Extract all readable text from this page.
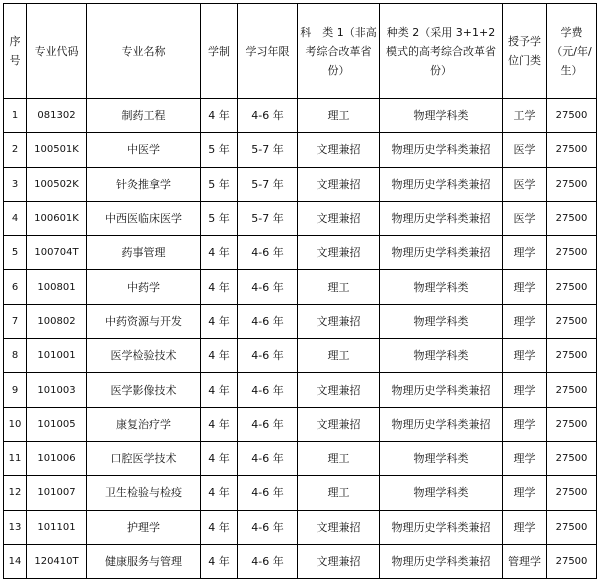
序号	专业代码	专业名称	学制	学习年限	科　类 1（非高考综合改革省份）	种类 2（采用 3+1+2 模式的高考综合改革省份）	授予学位门类	学费（元/年/生）
1	081302	制药工程	4 年	4-6 年	理工	物理学科类	工学	27500
2	100501K	中医学	5 年	5-7 年	文理兼招	物理历史学科类兼招	医学	27500
3	100502K	针灸推拿学	5 年	5-7 年	文理兼招	物理历史学科类兼招	医学	27500
4	100601K	中西医临床医学	5 年	5-7 年	文理兼招	物理历史学科类兼招	医学	27500
5	100704T	药事管理	4 年	4-6 年	文理兼招	物理历史学科类兼招	理学	27500
6	100801	中药学	4 年	4-6 年	理工	物理学科类	理学	27500
7	100802	中药资源与开发	4 年	4-6 年	文理兼招	物理学科类	理学	27500
8	101001	医学检验技术	4 年	4-6 年	理工	物理学科类	理学	27500
9	101003	医学影像技术	4 年	4-6 年	文理兼招	物理历史学科类兼招	理学	27500
10	101005	康复治疗学	4 年	4-6 年	文理兼招	物理历史学科类兼招	理学	27500
11	101006	口腔医学技术	4 年	4-6 年	理工	物理学科类	理学	27500
12	101007	卫生检验与检疫	4 年	4-6 年	理工	物理学科类	理学	27500
13	101101	护理学	4 年	4-6 年	文理兼招	物理历史学科类兼招	理学	27500
14	120410T	健康服务与管理	4 年	4-6 年	文理兼招	物理历史学科类兼招	管理学	27500
